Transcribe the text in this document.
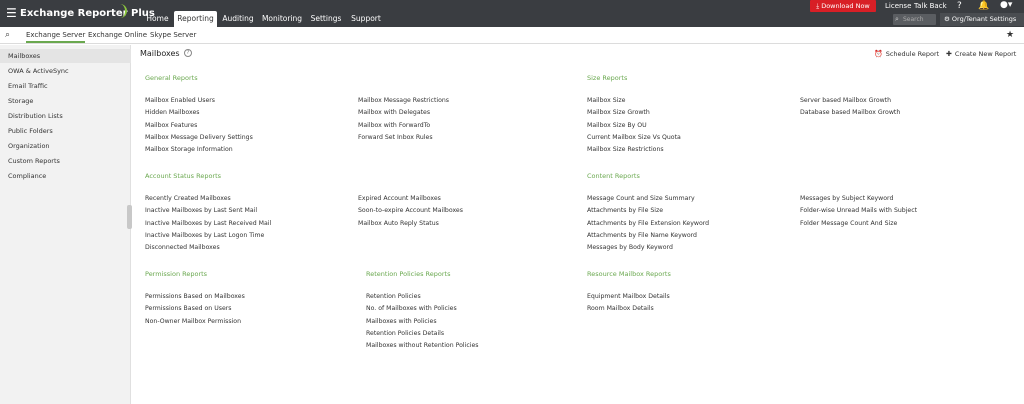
☰ Exchange Reporter Plus
Home	Reporting	Auditing	Monitoring	Settings	Support
⤓ Download Now	License Talk Back ? 🔔 ●▾
⌕ Search	⚙ Org/Tenant Settings
⌕ Exchange Server Exchange Online Skype Server	★
Mailboxes
OWA & ActiveSync
Email Traffic
Storage
Distribution Lists
Public Folders
Organization
Custom Reports
Compliance
Mailboxes	?	⏰ Schedule Report ✚ Create New Report
General Reports
Mailbox Enabled Users
Hidden Mailboxes
Mailbox Features
Mailbox Message Delivery Settings
Mailbox Storage Information
Mailbox Message Restrictions
Mailbox with Delegates
Mailbox with ForwardTo
Forward Set Inbox Rules
Size Reports
Mailbox Size
Mailbox Size Growth
Mailbox Size By OU
Current Mailbox Size Vs Quota
Mailbox Size Restrictions
Server based Mailbox Growth
Database based Mailbox Growth
Account Status Reports
Recently Created Mailboxes
Inactive Mailboxes by Last Sent Mail
Inactive Mailboxes by Last Received Mail
Inactive Mailboxes by Last Logon Time
Disconnected Mailboxes
Expired Account Mailboxes
Soon-to-expire Account Mailboxes
Mailbox Auto Reply Status
Content Reports
Message Count and Size Summary
Attachments by File Size
Attachments by File Extension Keyword
Attachments by File Name Keyword
Messages by Body Keyword
Messages by Subject Keyword
Folder-wise Unread Mails with Subject
Folder Message Count And Size
Permission Reports
Permissions Based on Mailboxes
Permissions Based on Users
Non-Owner Mailbox Permission
Retention Policies Reports
Retention Policies
No. of Mailboxes with Policies
Mailboxes with Policies
Retention Policies Details
Mailboxes without Retention Policies
Resource Mailbox Reports
Equipment Mailbox Details
Room Mailbox Details
